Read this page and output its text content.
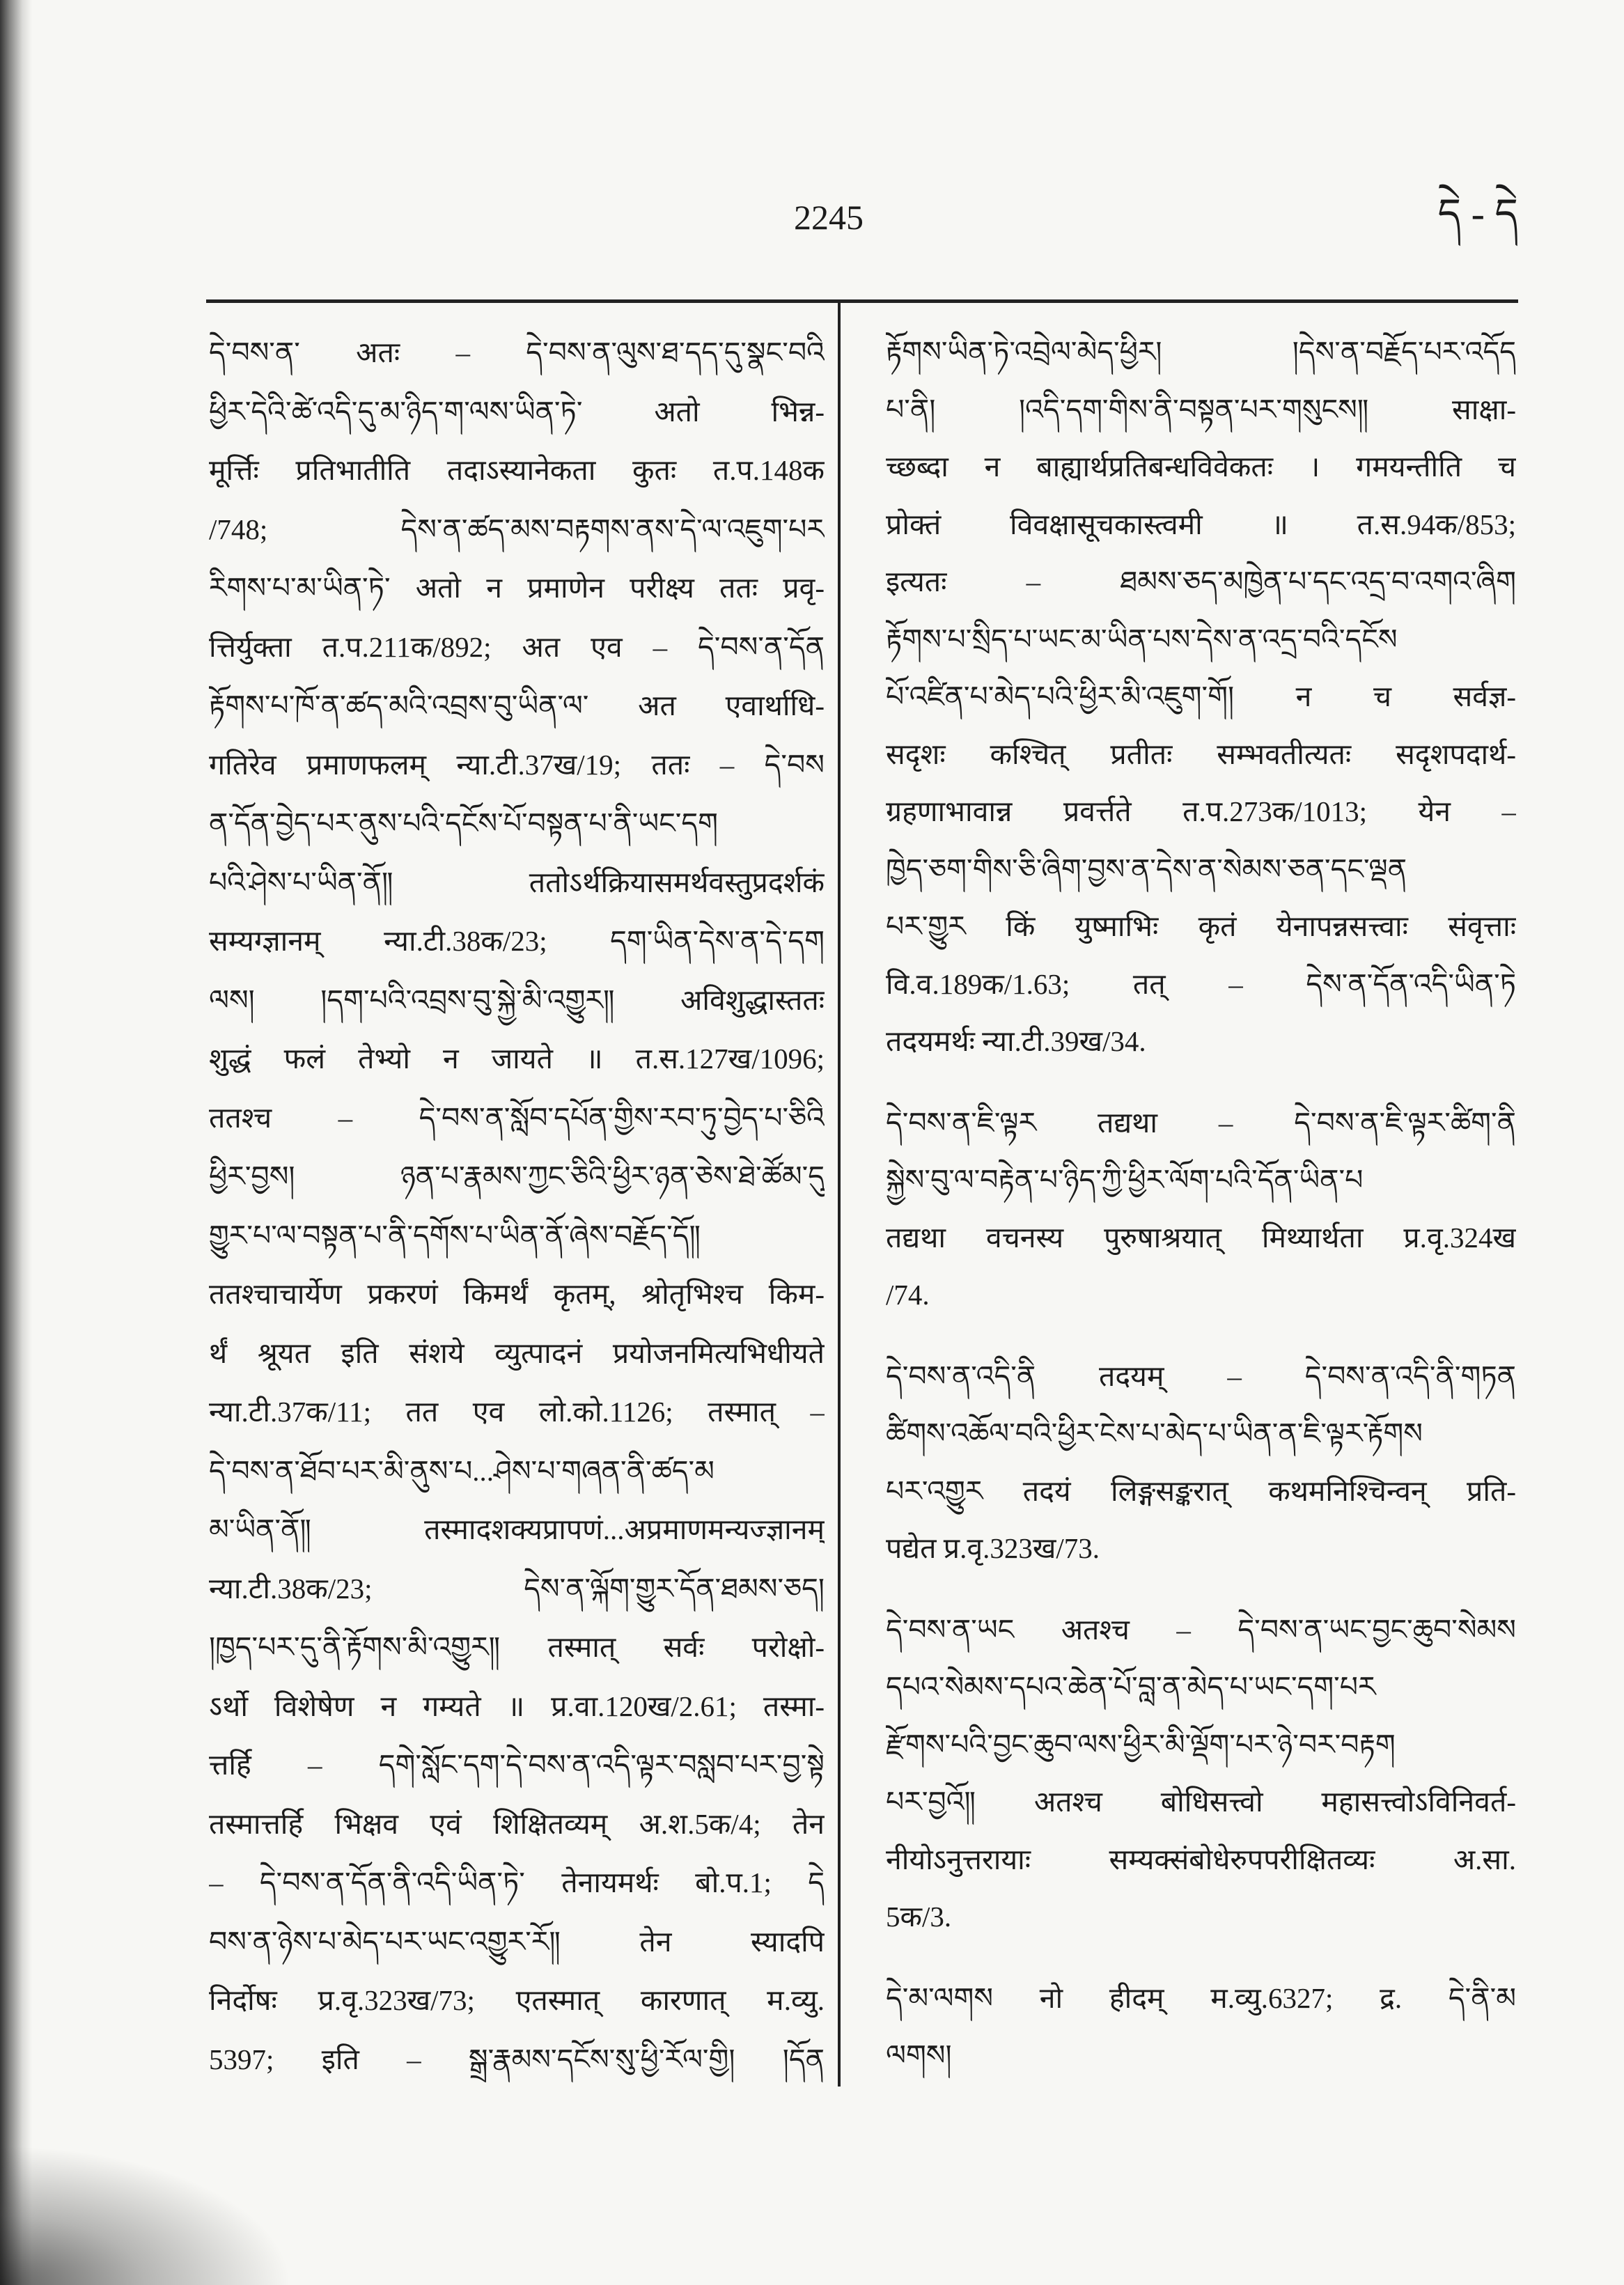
2245	དེ - དེ
དེ་བས་ན་ अतः – དེ་བས་ན་ལུས་ཐ་དད་དུ་སྣང་བའི
ཕྱིར་དེའི་ཚེ་འདི་དུ་མ་ཉིད་ག་ལས་ཡིན་ཏེ་ अतो भिन्न-
मूर्त्तिः प्रतिभातीति तदाऽस्यानेकता कुतः त.प.148क
/748; དེས་ན་ཚད་མས་བརྟགས་ནས་དེ་ལ་འཇུག་པར
རིགས་པ་མ་ཡིན་ཏེ་ अतो न प्रमाणेन परीक्ष्य ततः प्रवृ-
त्तिर्युक्ता त.प.211क/892; अत एव – དེ་བས་ན་དོན
རྟོགས་པ་ཁོ་ན་ཚད་མའི་འབྲས་བུ་ཡིན་ལ་ अत एवार्थाधि-
गतिरेव प्रमाणफलम् न्या.टी.37ख/19; ततः – དེ་བས
ན་དོན་བྱེད་པར་ནུས་པའི་དངོས་པོ་བསྟན་པ་ནི་ཡང་དག
པའི་ཤེས་པ་ཡིན་ནོ༎ ततोऽर्थक्रियासमर्थवस्तुप्रदर्शकं
सम्यग्ज्ञानम् न्या.टी.38क/23; དག་ཡིན་དེས་ན་དེ་དག
ལས། །དག་པའི་འབྲས་བུ་སྐྱེ་མི་འགྱུར༎ अविशुद्धास्ततः
शुद्धं फलं तेभ्यो न जायते ॥ त.स.127ख/1096;
ततश्च – དེ་བས་ན་སློབ་དཔོན་གྱིས་རབ་ཏུ་བྱེད་པ་ཅིའི
ཕྱིར་བྱས། ཉན་པ་རྣམས་ཀྱང་ཅིའི་ཕྱིར་ཉན་ཅེས་ཐེ་ཚོམ་དུ
གྱུར་པ་ལ་བསྟན་པ་ནི་དགོས་པ་ཡིན་ནོ་ཞེས་བརྗོད་དོ༎
ततश्चाचार्येण प्रकरणं किमर्थं कृतम्, श्रोतृभिश्च किम-
र्थं श्रूयत इति संशये व्युत्पादनं प्रयोजनमित्यभिधीयते
न्या.टी.37क/11; तत एव लो.को.1126; तस्मात् –
དེ་བས་ན་ཐོབ་པར་མི་ནུས་པ...ཤེས་པ་གཞན་ནི་ཚད་མ
མ་ཡིན་ནོ༎ तस्मादशक्यप्रापणं...अप्रमाणमन्यज्ज्ञानम्
न्या.टी.38क/23; དེས་ན་ལྐོག་གྱུར་དོན་ཐམས་ཅད།
།ཁྱད་པར་དུ་ནི་རྟོགས་མི་འགྱུར༎ तस्मात् सर्वः परोक्षो-
ऽर्थो विशेषेण न गम्यते ॥ प्र.वा.120ख/2.61; तस्मा-
त्तर्हि – དགེ་སློང་དག་དེ་བས་ན་འདི་ལྟར་བསླབ་པར་བྱ་སྟེ
तस्मात्तर्हि भिक्षव एवं शिक्षितव्यम् अ.श.5क/4; तेन
– དེ་བས་ན་དོན་ནི་འདི་ཡིན་ཏེ་ तेनायमर्थः बो.प.1; དེ
བས་ན་ཉེས་པ་མེད་པར་ཡང་འགྱུར་རོ༎ तेन स्यादपि
निर्दोषः प्र.वृ.323ख/73; एतस्मात् कारणात् म.व्यु.
5397; इति – སྒྲ་རྣམས་དངོས་སུ་ཕྱི་རོལ་གྱི། །དོན
རྟོགས་ཡིན་ཏེ་འབྲེལ་མེད་ཕྱིར། །དེས་ན་བརྗོད་པར་འདོད
པ་ནི། །འདི་དག་གིས་ནི་བསྟན་པར་གསུངས༎ साक्षा-
च्छब्दा न बाह्यार्थप्रतिबन्धविवेकतः । गमयन्तीति च
प्रोक्तं विवक्षासूचकास्त्वमी ॥ त.स.94क/853;
इत्यतः – ཐམས་ཅད་མཁྱེན་པ་དང་འདྲ་བ་འགའ་ཞིག
རྟོགས་པ་སྲིད་པ་ཡང་མ་ཡིན་པས་དེས་ན་འདྲ་བའི་དངོས
པོ་འཛིན་པ་མེད་པའི་ཕྱིར་མི་འཇུག་གོ། न च सर्वज्ञ-
सदृशः कश्चित् प्रतीतः सम्भवतीत्यतः सदृशपदार्थ-
ग्रहणाभावान्न प्रवर्त्तते त.प.273क/1013; येन –
ཁྱེད་ཅག་གིས་ཅི་ཞིག་བྱས་ན་དེས་ན་སེམས་ཅན་དང་ལྡན
པར་གྱུར किं युष्माभिः कृतं येनापन्नसत्त्वाः संवृत्ताः
वि.व.189क/1.63; तत् – དེས་ན་དོན་འདི་ཡིན་ཏེ
तदयमर्थः न्या.टी.39ख/34.
དེ་བས་ན་ཇི་ལྟར तद्यथा – དེ་བས་ན་ཇི་ལྟར་ཚིག་ནི
སྐྱེས་བུ་ལ་བརྟེན་པ་ཉིད་ཀྱི་ཕྱིར་ལོག་པའི་དོན་ཡིན་པ
तद्यथा वचनस्य पुरुषाश्रयात् मिथ्यार्थता प्र.वृ.324ख
/74.
དེ་བས་ན་འདི་ནི तदयम् – དེ་བས་ན་འདི་ནི་གཏན
ཚིགས་འཆོལ་བའི་ཕྱིར་ངེས་པ་མེད་པ་ཡིན་ན་ཇི་ལྟར་རྟོགས
པར་འགྱུར तदयं लिङ्गसङ्करात् कथमनिश्चिन्वन् प्रति-
पद्येत प्र.वृ.323ख/73.
དེ་བས་ན་ཡང अतश्च – དེ་བས་ན་ཡང་བྱང་ཆུབ་སེམས
དཔའ་སེམས་དཔའ་ཆེན་པོ་བླ་ན་མེད་པ་ཡང་དག་པར
རྫོགས་པའི་བྱང་ཆུབ་ལས་ཕྱིར་མི་ལྡོག་པར་ཉེ་བར་བརྟག
པར་བྱའོ༎ अतश्च बोधिसत्त्वो महासत्त्वोऽविनिवर्त-
नीयोऽनुत्तरायाः सम्यक्संबोधेरुपपरीक्षितव्यः अ.सा.
5क/3.
དེ་མ་ལགས नो हीदम् म.व्यु.6327; द्र. དེ་ནི་མ
ལགས།
